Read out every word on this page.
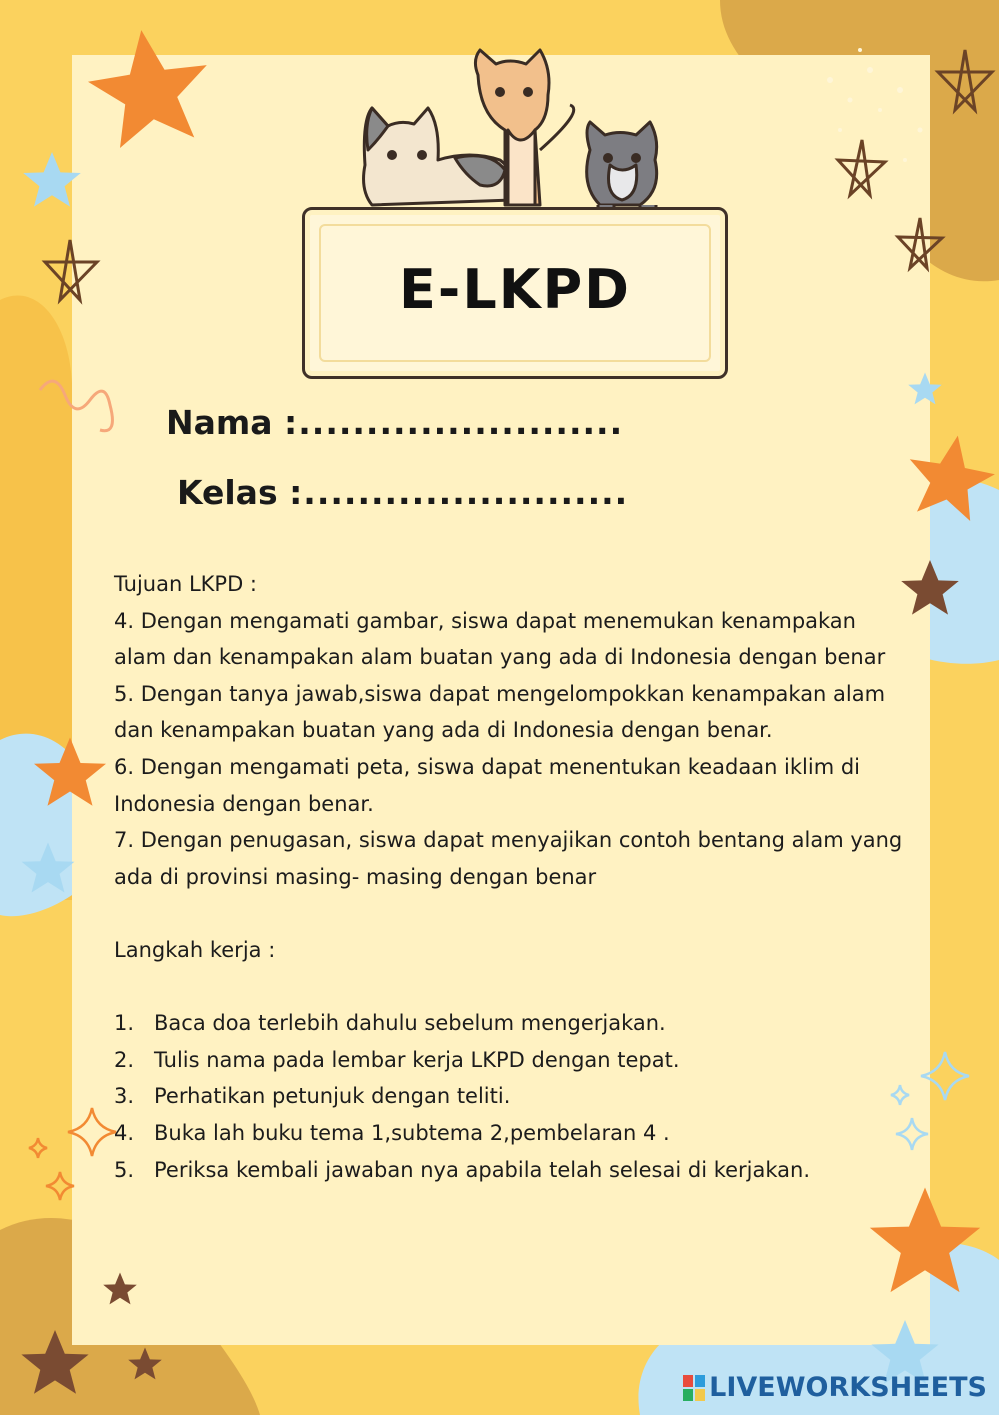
E-LKPD
Nama :........................
Kelas :........................

Tujuan LKPD :

4. Dengan mengamati gambar, siswa dapat menemukan kenampakan alam dan kenampakan alam buatan yang ada di Indonesia dengan benar

5. Dengan tanya jawab,siswa dapat mengelompokkan kenampakan alam dan kenampakan buatan yang ada di Indonesia dengan benar.

6. Dengan mengamati peta, siswa dapat menentukan keadaan iklim di Indonesia dengan benar.

7. Dengan penugasan, siswa dapat menyajikan contoh bentang alam yang ada di provinsi masing- masing dengan benar

Langkah kerja :

1. Baca doa terlebih dahulu sebelum mengerjakan.
2. Tulis nama pada lembar kerja LKPD dengan tepat.
3. Perhatikan petunjuk dengan teliti.
4. Buka lah buku tema 1,subtema 2,pembelaran 4 .
5. Periksa kembali jawaban nya apabila telah selesai di kerjakan.
LIVEWORKSHEETS
